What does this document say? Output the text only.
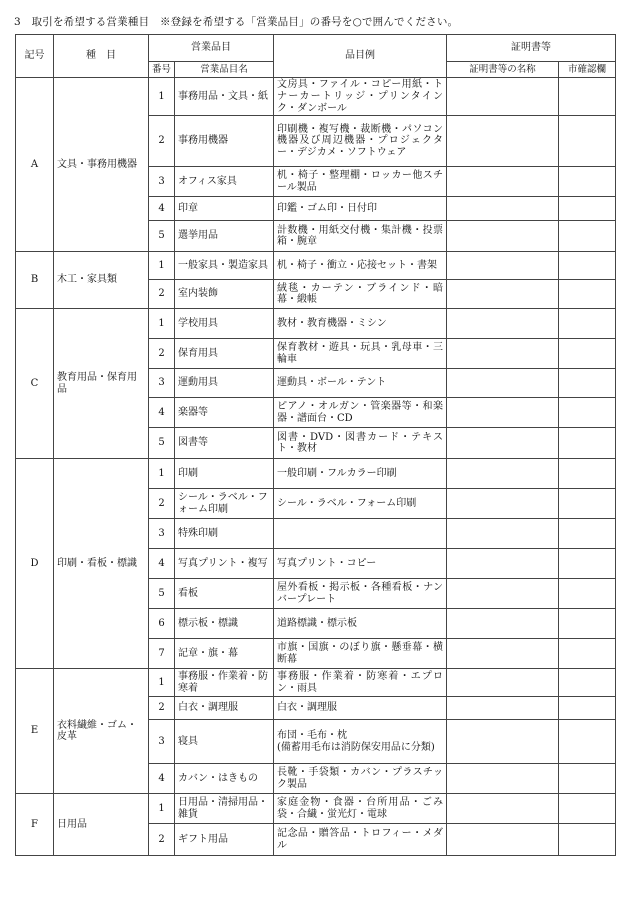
3　取引を希望する営業種目　※登録を希望する「営業品目」の番号を○で囲んでください。
記号	種　目	営業品目		品目例	証明書等	
		番号	営業品目名		証明書等の名称	市確認欄
A	文具・事務用機器	1	事務用品・文具・紙	文房具・ファイル・コピー用紙・トナーカートリッジ・プリンタインク・ダンボール		
		2	事務用機器	印刷機・複写機・裁断機・パソコン機器及び周辺機器・プロジェクター・デジカメ・ソフトウェア		
		3	オフィス家具	机・椅子・整理棚・ロッカー他スチール製品		
		4	印章	印鑑・ゴム印・日付印		
		5	選挙用品	計数機・用紙交付機・集計機・投票箱・腕章		
B	木工・家具類	1	一般家具・製造家具	机・椅子・衝立・応接セット・書架		
		2	室内装飾	絨毯・カーテン・ブラインド・暗幕・緞帳		
C	教育用品・保育用品	1	学校用具	教材・教育機器・ミシン		
		2	保育用具	保育教材・遊具・玩具・乳母車・三輪車		
		3	運動用具	運動具・ボール・テント		
		4	楽器等	ピアノ・オルガン・管楽器等・和楽器・譜面台・CD		
		5	図書等	図書・DVD・図書カード・テキスト・教材		
D	印刷・看板・標識	1	印刷	一般印刷・フルカラー印刷		
		2	シール・ラベル・フォーム印刷	シール・ラベル・フォーム印刷		
		3	特殊印刷			
		4	写真プリント・複写	写真プリント・コピー		
		5	看板	屋外看板・掲示板・各種看板・ナンバープレート		
		6	標示板・標識	道路標識・標示板		
		7	記章・旗・幕	市旗・国旗・のぼり旗・懸垂幕・横断幕		
E	衣料繊維・ゴム・皮革	1	事務服・作業着・防寒着	事務服・作業着・防寒着・エプロン・雨具		
		2	白衣・調理服	白衣・調理服		
		3	寝具	布団・毛布・枕
(備蓄用毛布は消防保安用品に分類)		
		4	カバン・はきもの	長靴・手袋類・カバン・プラスチック製品		
F	日用品	1	日用品・清掃用品・雑貨	家庭金物・食器・台所用品・ごみ袋・合繊・蛍光灯・電球		
		2	ギフト用品	記念品・贈答品・トロフィー・メダル		
